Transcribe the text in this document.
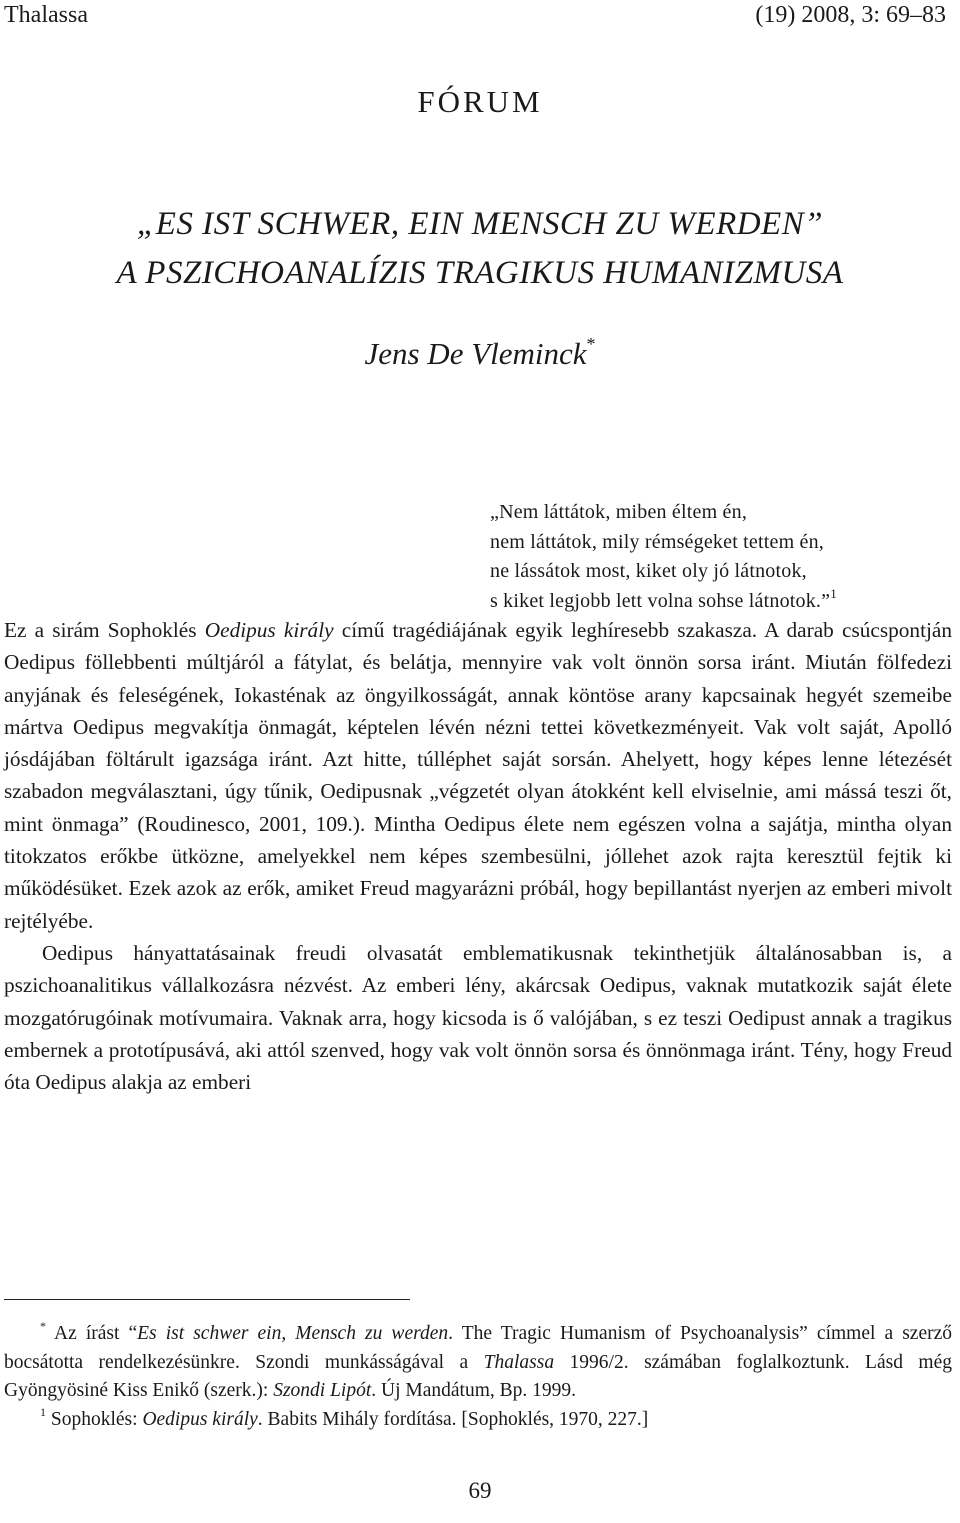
Thalassa	(19) 2008, 3: 69–83
FÓRUM
„ES IST SCHWER, EIN MENSCH ZU WERDEN”
A PSZICHOANALÍZIS TRAGIKUS HUMANIZMUSA
Jens De Vleminck*
„Nem láttátok, miben éltem én,
nem láttátok, mily rémségeket tettem én,
ne lássátok most, kiket oly jó látnotok,
s kiket legjobb lett volna sohse látnotok.”$^1$

Ez a sirám Sophoklés Oedipus király című tragédiájának egyik leghíresebb szakasza. A darab csúcspontján Oedipus föllebbenti múltjáról a fátylat, és belátja, mennyire vak volt önnön sorsa iránt. Miután fölfedezi anyjának és feleségének, Iokasténak az öngyilkosságát, annak köntöse arany kapcsainak hegyét szemeibe mártva Oedipus megvakítja önmagát, képtelen lévén nézni tettei következményeit. Vak volt saját, Apolló jósdájában föltárult igazsága iránt. Azt hitte, túlléphet saját sorsán. Ahelyett, hogy képes lenne létezését szabadon megválasztani, úgy tűnik, Oedipusnak „végzetét olyan átokként kell elviselnie, ami mássá teszi őt, mint önmaga” (Roudinesco, 2001, 109.). Mintha Oedipus élete nem egészen volna a sajátja, mintha olyan titokzatos erőkbe ütközne, amelyekkel nem képes szembesülni, jóllehet azok rajta keresztül fejtik ki működésüket. Ezek azok az erők, amiket Freud magyarázni próbál, hogy bepillantást nyerjen az emberi mivolt rejtélyébe.

Oedipus hányattatásainak freudi olvasatát emblematikusnak tekinthetjük általánosabban is, a pszichoanalitikus vállalkozásra nézvést. Az emberi lény, akárcsak Oedipus, vaknak mutatkozik saját élete mozgatórugóinak motívumaira. Vaknak arra, hogy kicsoda is ő valójában, s ez teszi Oedipust annak a tragikus embernek a prototípusává, aki attól szenved, hogy vak volt önnön sorsa és önnönmaga iránt. Tény, hogy Freud óta Oedipus alakja az emberi

* Az írást “Es ist schwer ein, Mensch zu werden. The Tragic Humanism of Psychoanalysis” címmel a szerző bocsátotta rendelkezésünkre. Szondi munkásságával a Thalassa 1996/2. számában foglalkoztunk. Lásd még Gyöngyösiné Kiss Enikő (szerk.): Szondi Lipót. Új Mandátum, Bp. 1999.

$^1$ Sophoklés: Oedipus király. Babits Mihály fordítása. [Sophoklés, 1970, 227.]

69
